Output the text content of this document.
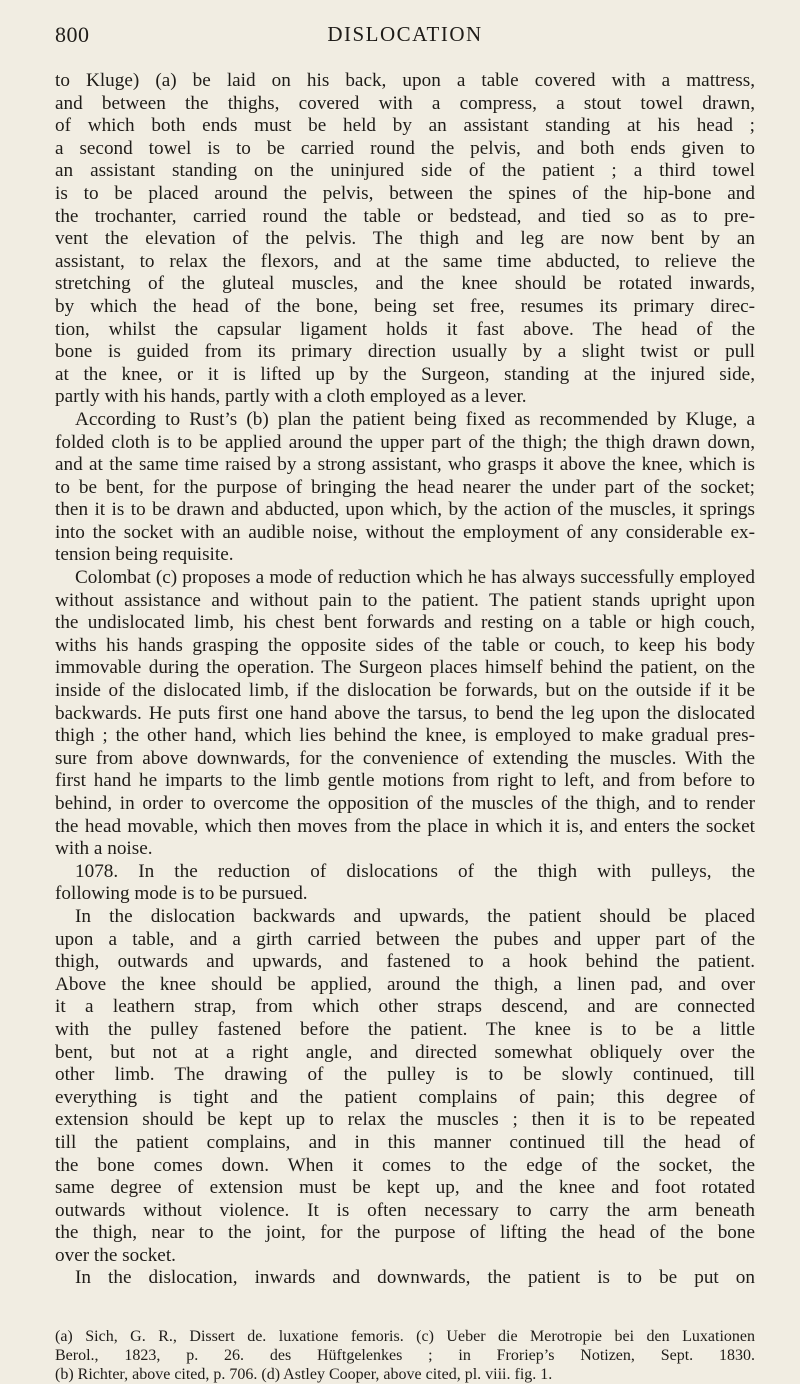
800	DISLOCATION
to Kluge) (a) be laid on his back, upon a table covered with a mattress,
and between the thighs, covered with a compress, a stout towel drawn,
of which both ends must be held by an assistant standing at his head ;
a second towel is to be carried round the pelvis, and both ends given to
an assistant standing on the uninjured side of the patient ; a third towel
is to be placed around the pelvis, between the spines of the hip-bone and
the trochanter, carried round the table or bedstead, and tied so as to pre-
vent the elevation of the pelvis. The thigh and leg are now bent by an
assistant, to relax the flexors, and at the same time abducted, to relieve the
stretching of the gluteal muscles, and the knee should be rotated inwards,
by which the head of the bone, being set free, resumes its primary direc-
tion, whilst the capsular ligament holds it fast above. The head of the
bone is guided from its primary direction usually by a slight twist or pull
at the knee, or it is lifted up by the Surgeon, standing at the injured side,
partly with his hands, partly with a cloth employed as a lever.
According to Rust’s (b) plan the patient being fixed as recommended by Kluge, a
folded cloth is to be applied around the upper part of the thigh; the thigh drawn down,
and at the same time raised by a strong assistant, who grasps it above the knee, which is
to be bent, for the purpose of bringing the head nearer the under part of the socket;
then it is to be drawn and abducted, upon which, by the action of the muscles, it springs
into the socket with an audible noise, without the employment of any considerable ex-
tension being requisite.
Colombat (c) proposes a mode of reduction which he has always successfully employed
without assistance and without pain to the patient. The patient stands upright upon
the undislocated limb, his chest bent forwards and resting on a table or high couch,
withs his hands grasping the opposite sides of the table or couch, to keep his body
immovable during the operation. The Surgeon places himself behind the patient, on the
inside of the dislocated limb, if the dislocation be forwards, but on the outside if it be
backwards. He puts first one hand above the tarsus, to bend the leg upon the dislocated
thigh ; the other hand, which lies behind the knee, is employed to make gradual pres-
sure from above downwards, for the convenience of extending the muscles. With the
first hand he imparts to the limb gentle motions from right to left, and from before to
behind, in order to overcome the opposition of the muscles of the thigh, and to render
the head movable, which then moves from the place in which it is, and enters the socket
with a noise.
1078. In the reduction of dislocations of the thigh with pulleys, the
following mode is to be pursued.
In the dislocation backwards and upwards, the patient should be placed
upon a table, and a girth carried between the pubes and upper part of the
thigh, outwards and upwards, and fastened to a hook behind the patient.
Above the knee should be applied, around the thigh, a linen pad, and over
it a leathern strap, from which other straps descend, and are connected
with the pulley fastened before the patient. The knee is to be a little
bent, but not at a right angle, and directed somewhat obliquely over the
other limb. The drawing of the pulley is to be slowly continued, till
everything is tight and the patient complains of pain; this degree of
extension should be kept up to relax the muscles ; then it is to be repeated
till the patient complains, and in this manner continued till the head of
the bone comes down. When it comes to the edge of the socket, the
same degree of extension must be kept up, and the knee and foot rotated
outwards without violence. It is often necessary to carry the arm beneath
the thigh, near to the joint, for the purpose of lifting the head of the bone
over the socket.
In the dislocation, inwards and downwards, the patient is to be put on
(a) Sich, G. R., Dissert de. luxatione femoris. (c) Ueber die Merotropie bei den Luxationen
Berol., 1823, p. 26. des Hüftgelenkes ; in Froriep’s Notizen, Sept. 1830.
(b) Richter, above cited, p. 706. (d) Astley Cooper, above cited, pl. viii. fig. 1.
